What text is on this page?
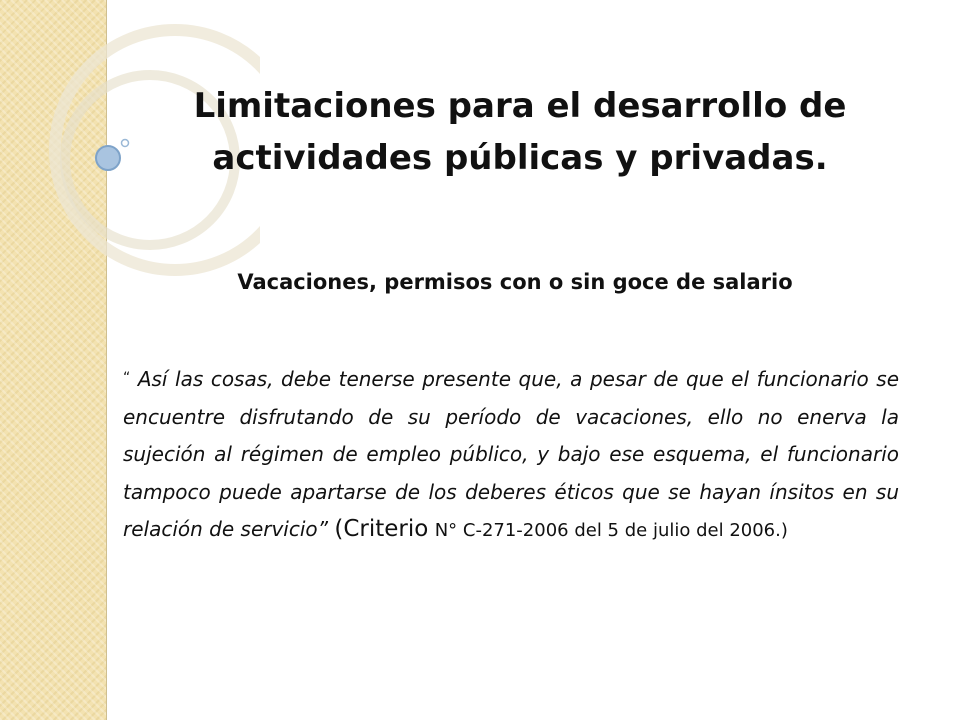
Limitaciones para el desarrollo de
actividades públicas y privadas.
Vacaciones, permisos con o sin goce de salario
“ Así las cosas, debe tenerse presente que, a pesar de que el funcionario se encuentre disfrutando de su período de vacaciones, ello no enerva la sujeción al régimen de empleo público, y bajo ese esquema, el funcionario tampoco puede apartarse de los deberes éticos que se hayan ínsitos en su relación de servicio” (Criterio N° C-271-2006 del 5 de julio del 2006.)
